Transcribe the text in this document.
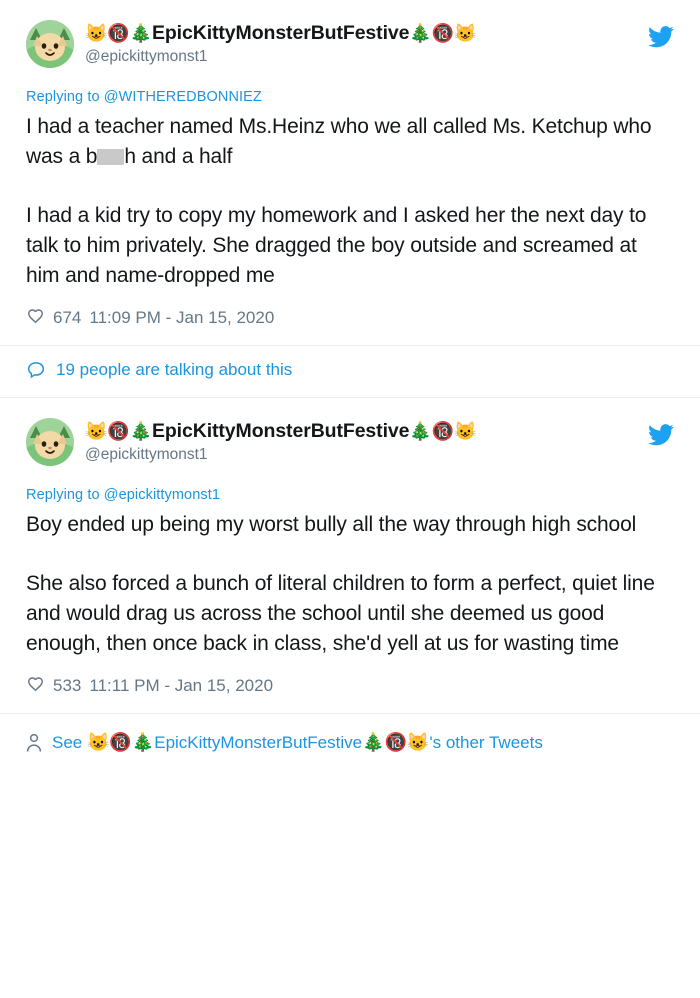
😺🔞🎄EpicKittyMonsterButFestive🎄🔞😺
@epickittymonst1
Replying to @WITHEREDBONNIEZ

I had a teacher named Ms.Heinz who we all called Ms. Ketchup who was a b h and a half

I had a kid try to copy my homework and I asked her the next day to talk to him privately. She dragged the boy outside and screamed at him and name-dropped me

674 11:09 PM - Jan 15, 2020
19 people are talking about this
😺🔞🎄EpicKittyMonsterButFestive🎄🔞😺
@epickittymonst1
Replying to @epickittymonst1

Boy ended up being my worst bully all the way through high school

She also forced a bunch of literal children to form a perfect, quiet line and would drag us across the school until she deemed us good enough, then once back in class, she'd yell at us for wasting time

533 11:11 PM - Jan 15, 2020
See 😺🔞🎄EpicKittyMonsterButFestive🎄🔞😺's other Tweets
